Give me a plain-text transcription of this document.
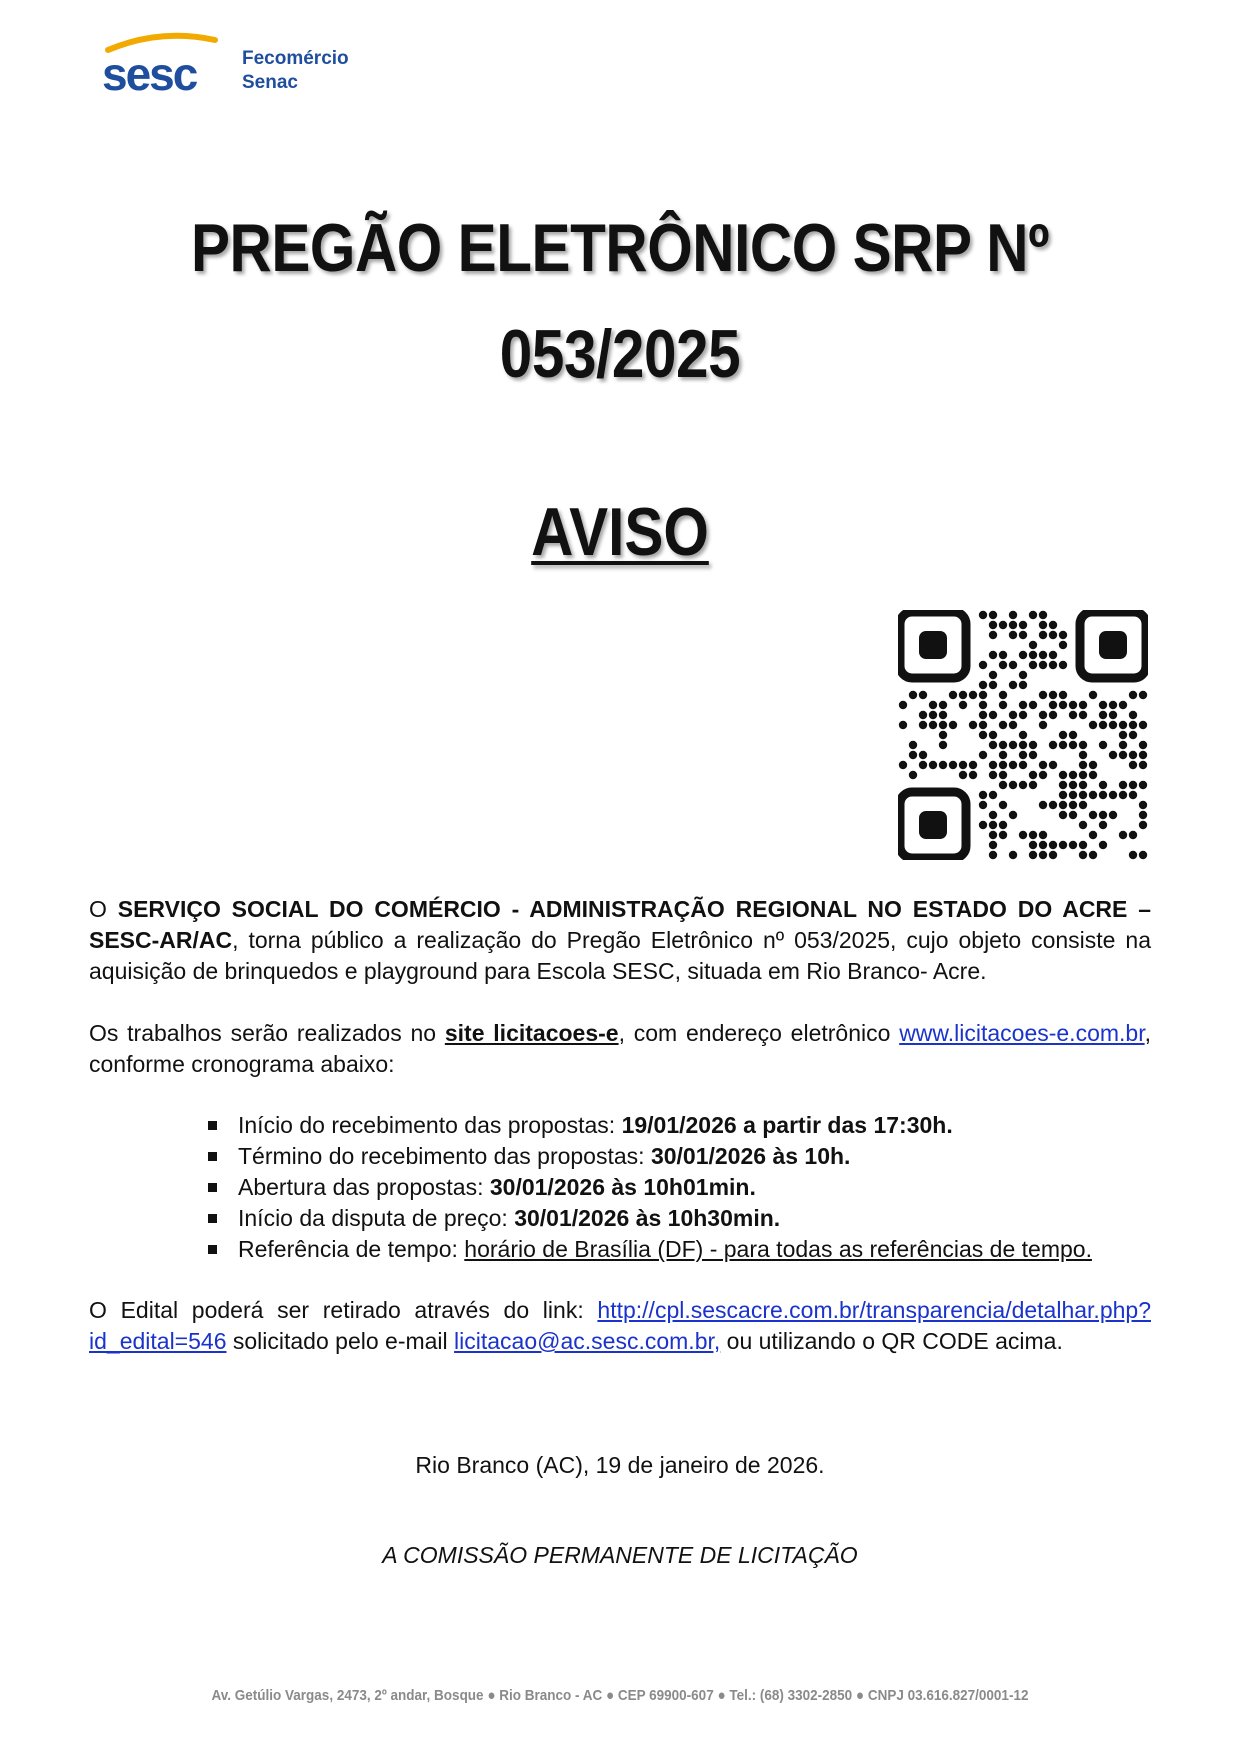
sesc Fecomércio
Senac
PREGÃO ELETRÔNICO SRP Nº
053/2025
AVISO
O SERVIÇO SOCIAL DO COMÉRCIO - ADMINISTRAÇÃO REGIONAL NO ESTADO DO ACRE – SESC-AR/AC, torna público a realização do Pregão Eletrônico nº 053/2025, cujo objeto consiste na aquisição de brinquedos e playground para Escola SESC, situada em Rio Branco- Acre.
Os trabalhos serão realizados no site licitacoes-e, com endereço eletrônico www.licitacoes-e.com.br, conforme cronograma abaixo:
Início do recebimento das propostas: 19/01/2026 a partir das 17:30h.
Término do recebimento das propostas: 30/01/2026 às 10h.
Abertura das propostas: 30/01/2026 às 10h01min.
Início da disputa de preço: 30/01/2026 às 10h30min.
Referência de tempo: horário de Brasília (DF) - para todas as referências de tempo.
O Edital poderá ser retirado através do link: http://cpl.sescacre.com.br/transparencia/detalhar.php?id_edital=546 solicitado pelo e-mail licitacao@ac.sesc.com.br, ou utilizando o QR CODE acima.
Rio Branco (AC), 19 de janeiro de 2026.
A COMISSÃO PERMANENTE DE LICITAÇÃO
Av. Getúlio Vargas, 2473, 2º andar, Bosque ● Rio Branco - AC ● CEP 69900-607 ● Tel.: (68) 3302-2850 ● CNPJ 03.616.827/0001-12
